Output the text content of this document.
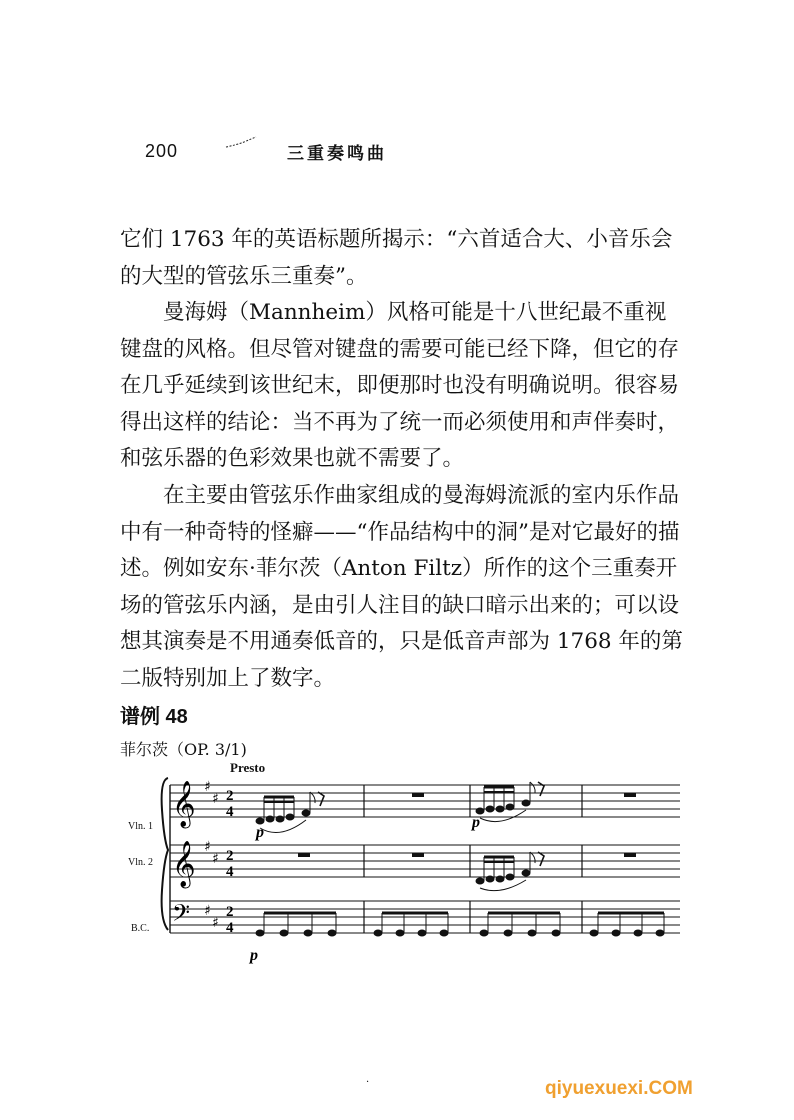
200	三重奏鸣曲

它们 1763 年的英语标题所揭示：“六首适合大、小音乐会的大型的管弦乐三重奏”。

曼海姆（Mannheim）风格可能是十八世纪最不重视键盘的风格。但尽管对键盘的需要可能已经下降，但它的存在几乎延续到该世纪末，即便那时也没有明确说明。很容易得出这样的结论：当不再为了统一而必须使用和声伴奏时，和弦乐器的色彩效果也就不需要了。

在主要由管弦乐作曲家组成的曼海姆流派的室内乐作品中有一种奇特的怪癖——“作品结构中的洞”是对它最好的描述。例如安东·菲尔茨（Anton Filtz）所作的这个三重奏开场的管弦乐内涵，是由引人注目的缺口暗示出来的；可以设想其演奏是不用通奏低音的，只是低音声部为 1768 年的第二版特别加上了数字。

谱例 48
菲尔茨（OP. 3/1)
Presto
Vln. 1
Vln. 2
B.C.
𝄞
𝄞
𝄢
♯
♯
♯
♯
♯
♯
2
4
2
4
2
4
p
p
p
·	qiyuexuexi.COM
